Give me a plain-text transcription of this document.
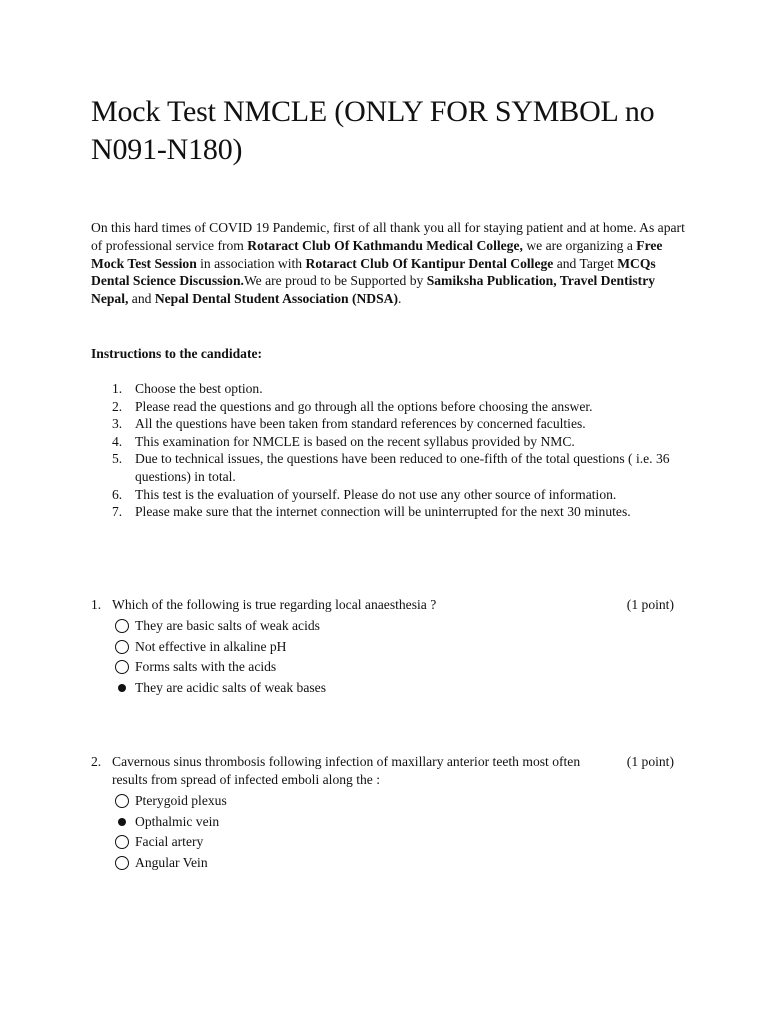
Mock Test NMCLE (ONLY FOR SYMBOL no N091-N180)

On this hard times of COVID 19 Pandemic, first of all thank you all for staying patient and at home. As apart of professional service from Rotaract Club Of Kathmandu Medical College, we are organizing a Free Mock Test Session in association with Rotaract Club Of Kantipur Dental College and Target MCQs Dental Science Discussion.We are proud to be Supported by Samiksha Publication, Travel Dentistry Nepal, and Nepal Dental Student Association (NDSA).

Instructions to the candidate:

1. Choose the best option.
2. Please read the questions and go through all the options before choosing the answer.
3. All the questions have been taken from standard references by concerned faculties.
4. This examination for NMCLE is based on the recent syllabus provided by NMC.
5. Due to technical issues, the questions have been reduced to one-fifth of the total questions ( i.e. 36 questions) in total.
6. This test is the evaluation of yourself. Please do not use any other source of information.
7. Please make sure that the internet connection will be uninterrupted for the next 30 minutes.
1. Which of the following is true regarding local anaesthesia ?	(1 point)
They are basic salts of weak acids
Not effective in alkaline pH
Forms salts with the acids
They are acidic salts of weak bases
2. Cavernous sinus thrombosis following infection of maxillary anterior teeth most often results from spread of infected emboli along the :
(1 point)
Pterygoid plexus
Opthalmic vein
Facial artery
Angular Vein
